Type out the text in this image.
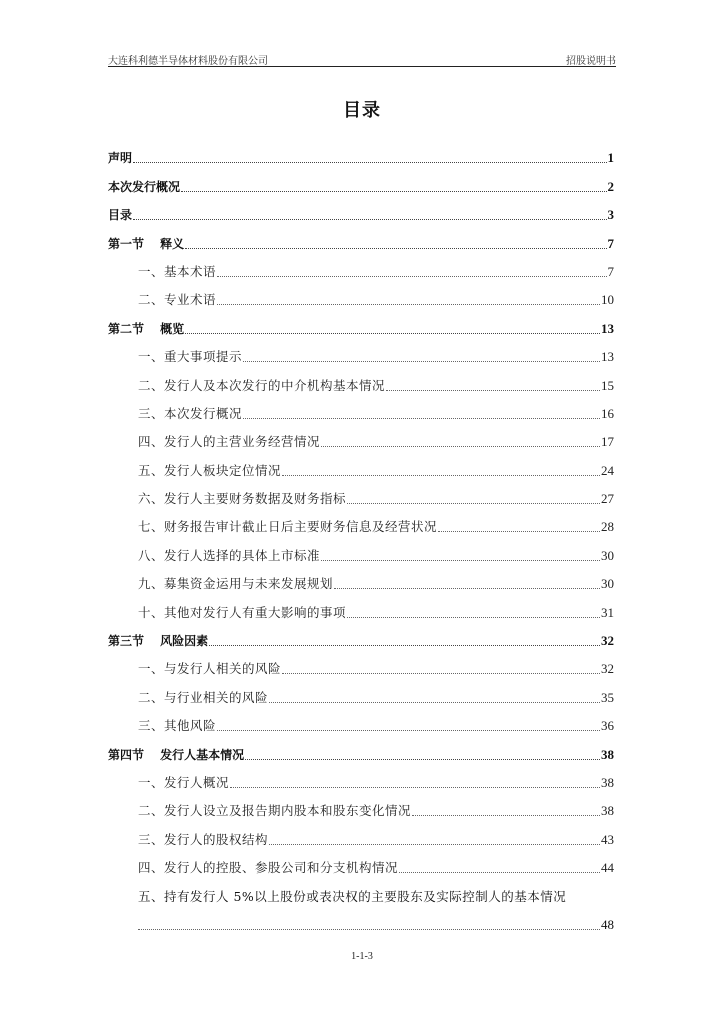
大连科利德半导体材料股份有限公司	招股说明书
目录
声明	1
本次发行概况	2
目录	3
第一节　 释义	7
一、基本术语	7
二、专业术语	10
第二节　 概览	13
一、重大事项提示	13
二、发行人及本次发行的中介机构基本情况	15
三、本次发行概况	16
四、发行人的主营业务经营情况	17
五、发行人板块定位情况	24
六、发行人主要财务数据及财务指标	27
七、财务报告审计截止日后主要财务信息及经营状况	28
八、发行人选择的具体上市标准	30
九、募集资金运用与未来发展规划	30
十、其他对发行人有重大影响的事项	31
第三节　 风险因素	32
一、与发行人相关的风险	32
二、与行业相关的风险	35
三、其他风险	36
第四节　 发行人基本情况	38
一、发行人概况	38
二、发行人设立及报告期内股本和股东变化情况	38
三、发行人的股权结构	43
四、发行人的控股、参股公司和分支机构情况	44
五、持有发行人 5%以上股份或表决权的主要股东及实际控制人的基本情况
48
1-1-3
